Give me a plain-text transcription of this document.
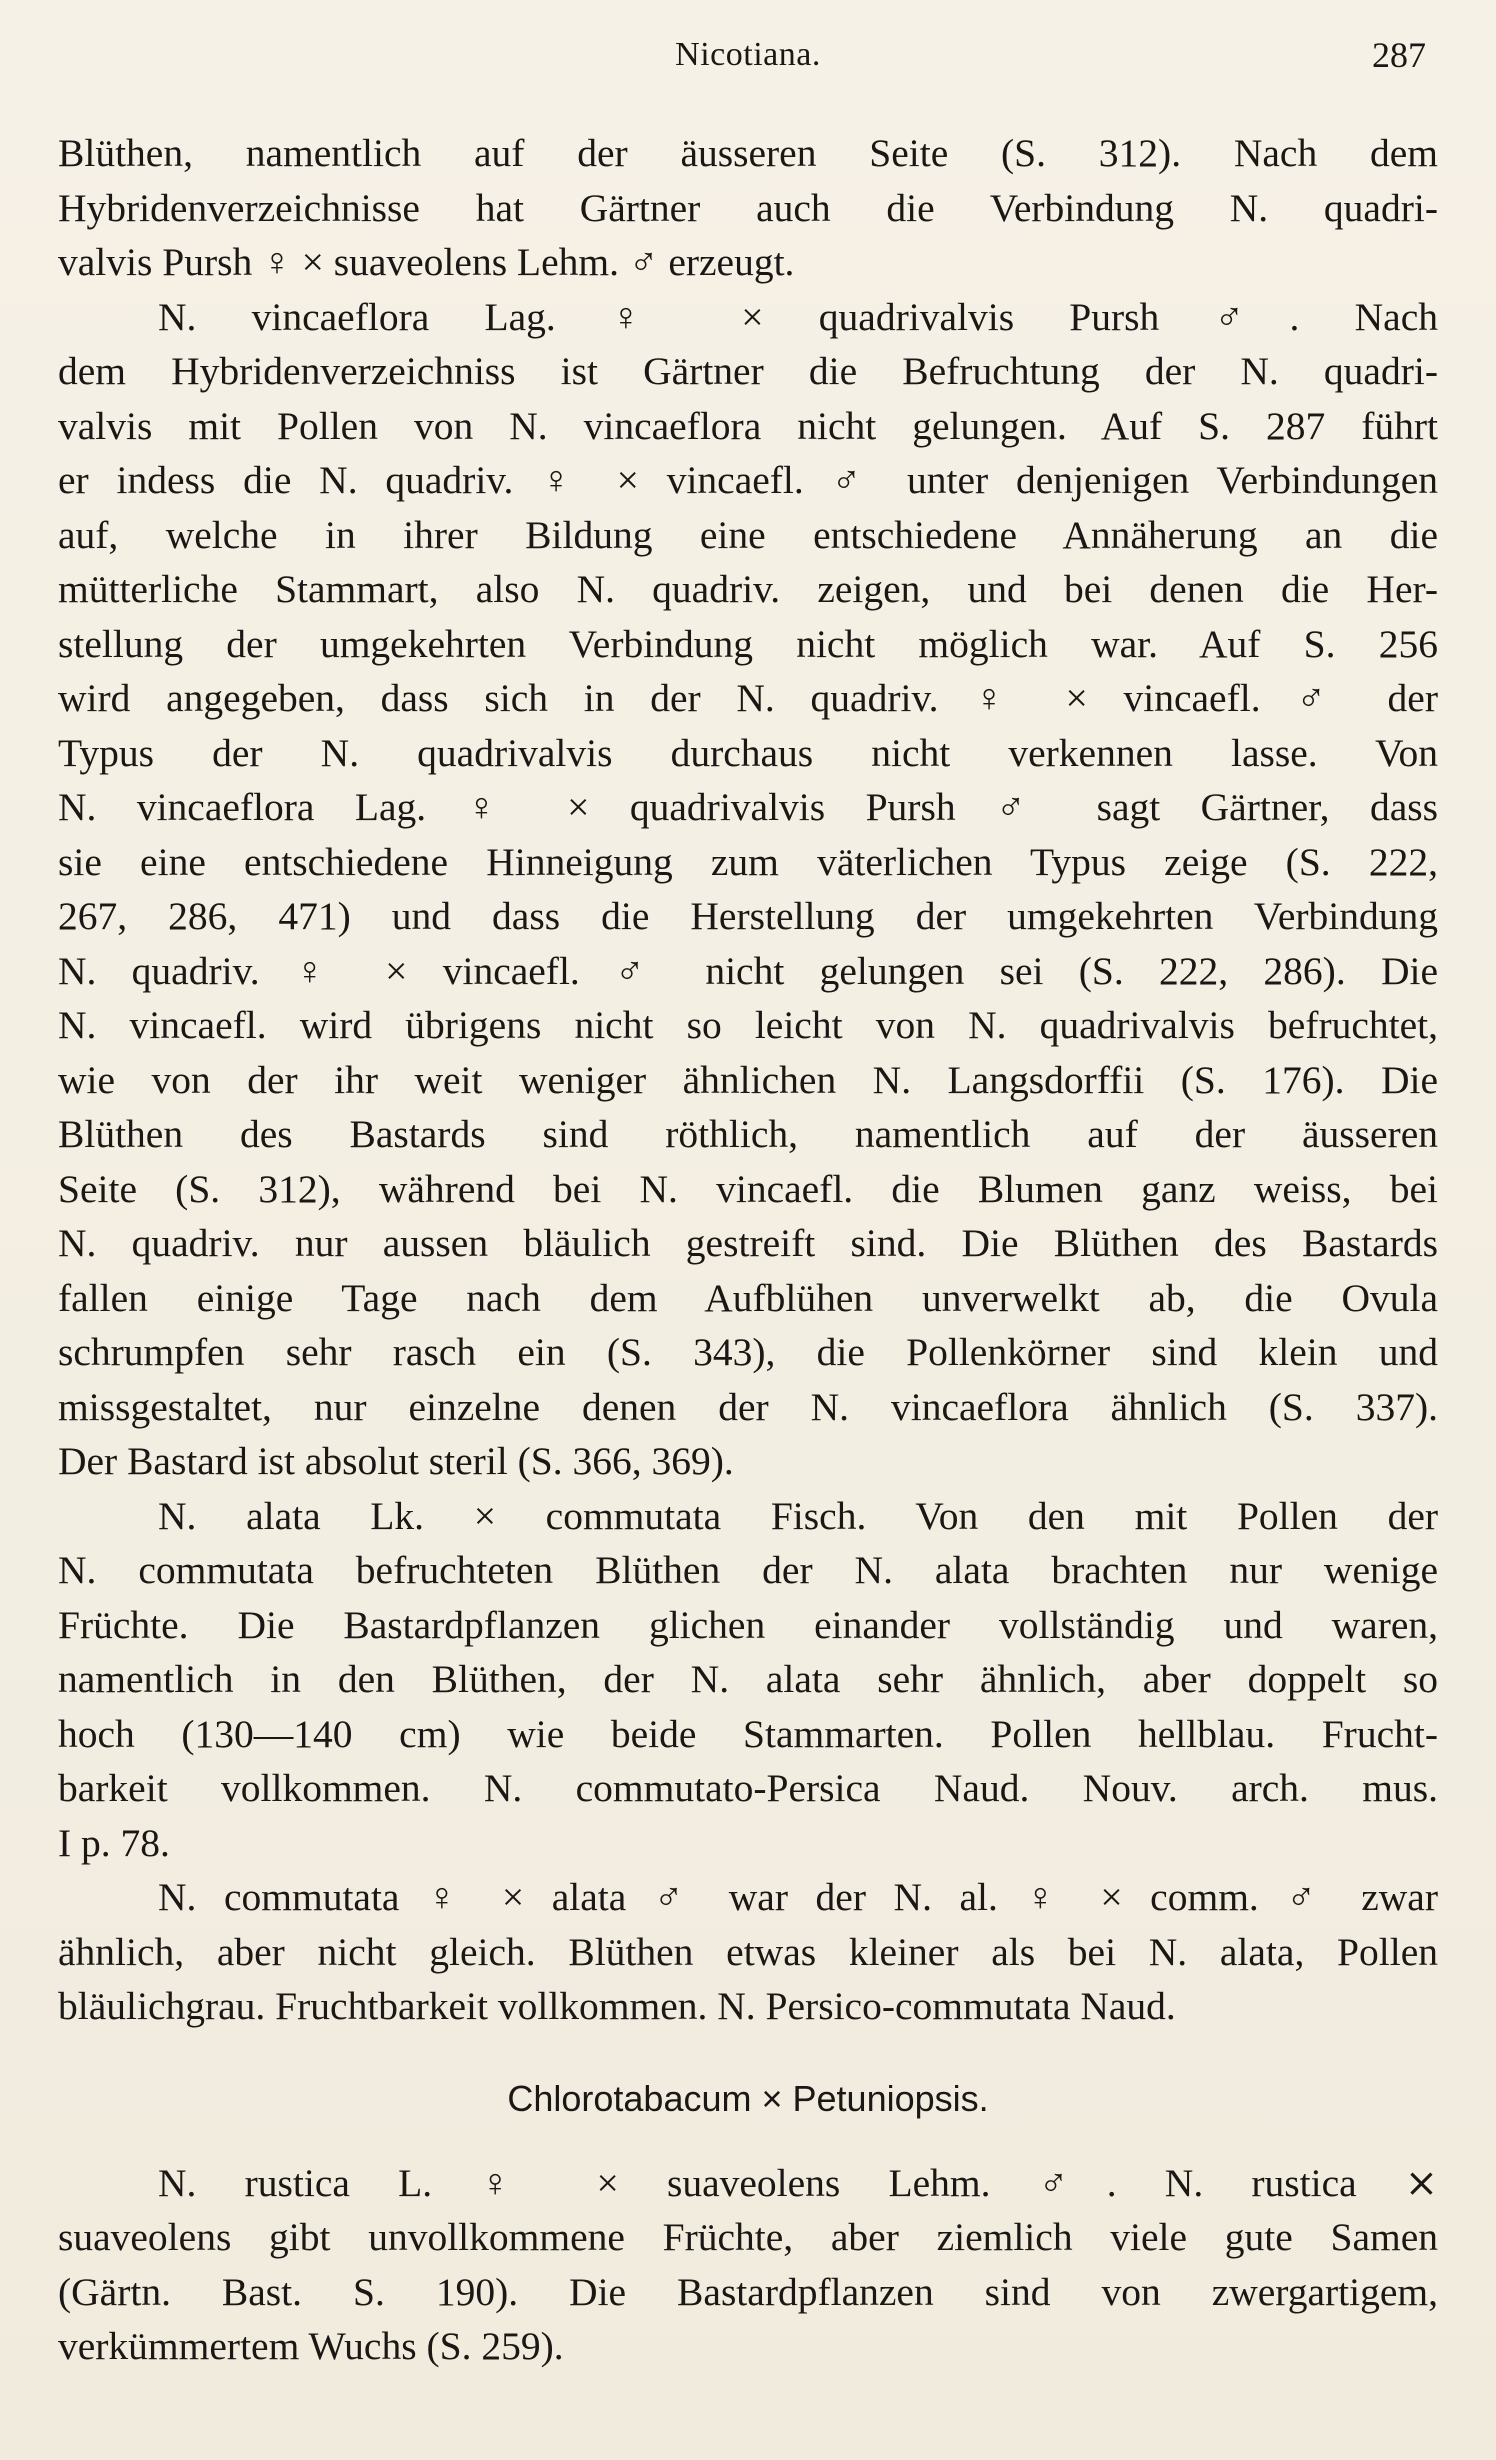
Nicotiana.	287

Blüthen, namentlich auf der äusseren Seite (S. 312). Nach dem
Hybridenverzeichnisse hat Gärtner auch die Verbindung N. quadri-
valvis Pursh ♀ × suaveolens Lehm. ♂ erzeugt.

N. vincaeflora Lag. ♀ × quadrivalvis Pursh ♂. Nach
dem Hybridenverzeichniss ist Gärtner die Befruchtung der N. quadri-
valvis mit Pollen von N. vincaeflora nicht gelungen. Auf S. 287 führt
er indess die N. quadriv. ♀ × vincaefl. ♂ unter denjenigen Verbindungen
auf, welche in ihrer Bildung eine entschiedene Annäherung an die
mütterliche Stammart, also N. quadriv. zeigen, und bei denen die Her-
stellung der umgekehrten Verbindung nicht möglich war. Auf S. 256
wird angegeben, dass sich in der N. quadriv. ♀ × vincaefl. ♂ der
Typus der N. quadrivalvis durchaus nicht verkennen lasse. Von
N. vincaeflora Lag. ♀ × quadrivalvis Pursh ♂ sagt Gärtner, dass
sie eine entschiedene Hinneigung zum väterlichen Typus zeige (S. 222,
267, 286, 471) und dass die Herstellung der umgekehrten Verbindung
N. quadriv. ♀ × vincaefl. ♂ nicht gelungen sei (S. 222, 286). Die
N. vincaefl. wird übrigens nicht so leicht von N. quadrivalvis befruchtet,
wie von der ihr weit weniger ähnlichen N. Langsdorffii (S. 176). Die
Blüthen des Bastards sind röthlich, namentlich auf der äusseren
Seite (S. 312), während bei N. vincaefl. die Blumen ganz weiss, bei
N. quadriv. nur aussen bläulich gestreift sind. Die Blüthen des Bastards
fallen einige Tage nach dem Aufblühen unverwelkt ab, die Ovula
schrumpfen sehr rasch ein (S. 343), die Pollenkörner sind klein und
missgestaltet, nur einzelne denen der N. vincaeflora ähnlich (S. 337).
Der Bastard ist absolut steril (S. 366, 369).

N. alata Lk. × commutata Fisch. Von den mit Pollen der
N. commutata befruchteten Blüthen der N. alata brachten nur wenige
Früchte. Die Bastardpflanzen glichen einander vollständig und waren,
namentlich in den Blüthen, der N. alata sehr ähnlich, aber doppelt so
hoch (130—140 cm) wie beide Stammarten. Pollen hellblau. Frucht-
barkeit vollkommen. N. commutato-Persica Naud. Nouv. arch. mus.
I p. 78.

N. commutata ♀ × alata ♂ war der N. al. ♀ × comm. ♂ zwar
ähnlich, aber nicht gleich. Blüthen etwas kleiner als bei N. alata, Pollen
bläulichgrau. Fruchtbarkeit vollkommen. N. Persico-commutata Naud.

Chlorotabacum × Petuniopsis.

N. rustica L. ♀ × suaveolens Lehm. ♂. N. rustica ⨯
suaveolens gibt unvollkommene Früchte, aber ziemlich viele gute Samen
(Gärtn. Bast. S. 190). Die Bastardpflanzen sind von zwergartigem,
verkümmertem Wuchs (S. 259).
